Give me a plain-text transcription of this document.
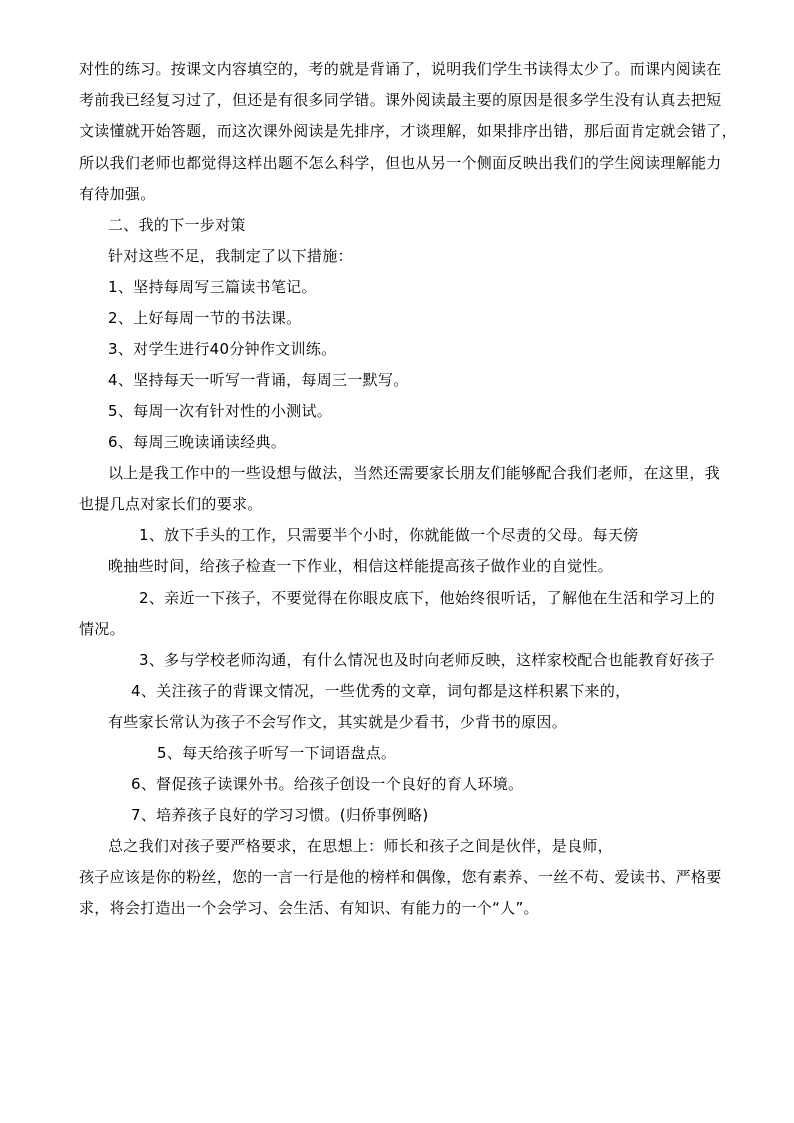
对性的练习。按课文内容填空的，考的就是背诵了，说明我们学生书读得太少了。而课内阅读在
考前我已经复习过了，但还是有很多同学错。课外阅读最主要的原因是很多学生没有认真去把短
文读懂就开始答题，而这次课外阅读是先排序，才谈理解，如果排序出错，那后面肯定就会错了，
所以我们老师也都觉得这样出题不怎么科学，但也从另一个侧面反映出我们的学生阅读理解能力
有待加强。
二、我的下一步对策
针对这些不足，我制定了以下措施：
1、坚持每周写三篇读书笔记。
2、上好每周一节的书法课。
3、对学生进行40分钟作文训练。
4、坚持每天一听写一背诵，每周三一默写。
5、每周一次有针对性的小测试。
6、每周三晚读诵读经典。
以上是我工作中的一些设想与做法，当然还需要家长朋友们能够配合我们老师，在这里，我
也提几点对家长们的要求。
1、放下手头的工作，只需要半个小时，你就能做一个尽责的父母。每天傍
晚抽些时间，给孩子检查一下作业，相信这样能提高孩子做作业的自觉性。
2、亲近一下孩子，不要觉得在你眼皮底下，他始终很听话，了解他在生活和学习上的
情况。
3、多与学校老师沟通，有什么情况也及时向老师反映，这样家校配合也能教育好孩子
4、关注孩子的背课文情况，一些优秀的文章，词句都是这样积累下来的，
有些家长常认为孩子不会写作文，其实就是少看书，少背书的原因。
5、每天给孩子听写一下词语盘点。
6、督促孩子读课外书。给孩子创设一个良好的育人环境。
7、培养孩子良好的学习习惯。(归侨事例略)
总之我们对孩子要严格要求，在思想上：师长和孩子之间是伙伴，是良师，
孩子应该是你的粉丝，您的一言一行是他的榜样和偶像，您有素养、一丝不苟、爱读书、严格要
求，将会打造出一个会学习、会生活、有知识、有能力的一个“人”。
